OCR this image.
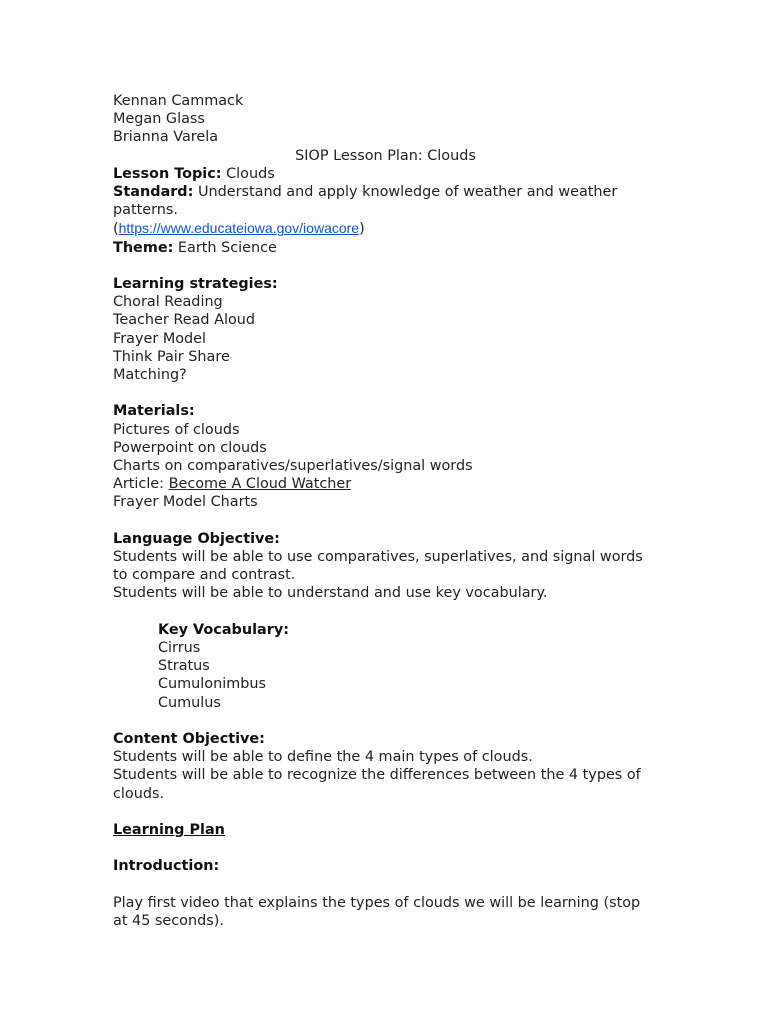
Kennan Cammack
Megan Glass
Brianna Varela
SIOP Lesson Plan: Clouds
Lesson Topic: Clouds
Standard: Understand and apply knowledge of weather and weather patterns.
(https://www.educateiowa.gov/iowacore)
Theme: Earth Science
Learning strategies:
Choral Reading
Teacher Read Aloud
Frayer Model
Think Pair Share
Matching?
Materials:
Pictures of clouds
Powerpoint on clouds
Charts on comparatives/superlatives/signal words
Article: Become A Cloud Watcher
Frayer Model Charts
Language Objective:
Students will be able to use comparatives, superlatives, and signal words to compare and contrast.
Students will be able to understand and use key vocabulary.
Key Vocabulary:
Cirrus
Stratus
Cumulonimbus
Cumulus
Content Objective:
Students will be able to define the 4 main types of clouds.
Students will be able to recognize the differences between the 4 types of clouds.
Learning Plan
Introduction:
Play first video that explains the types of clouds we will be learning (stop at 45 seconds).
